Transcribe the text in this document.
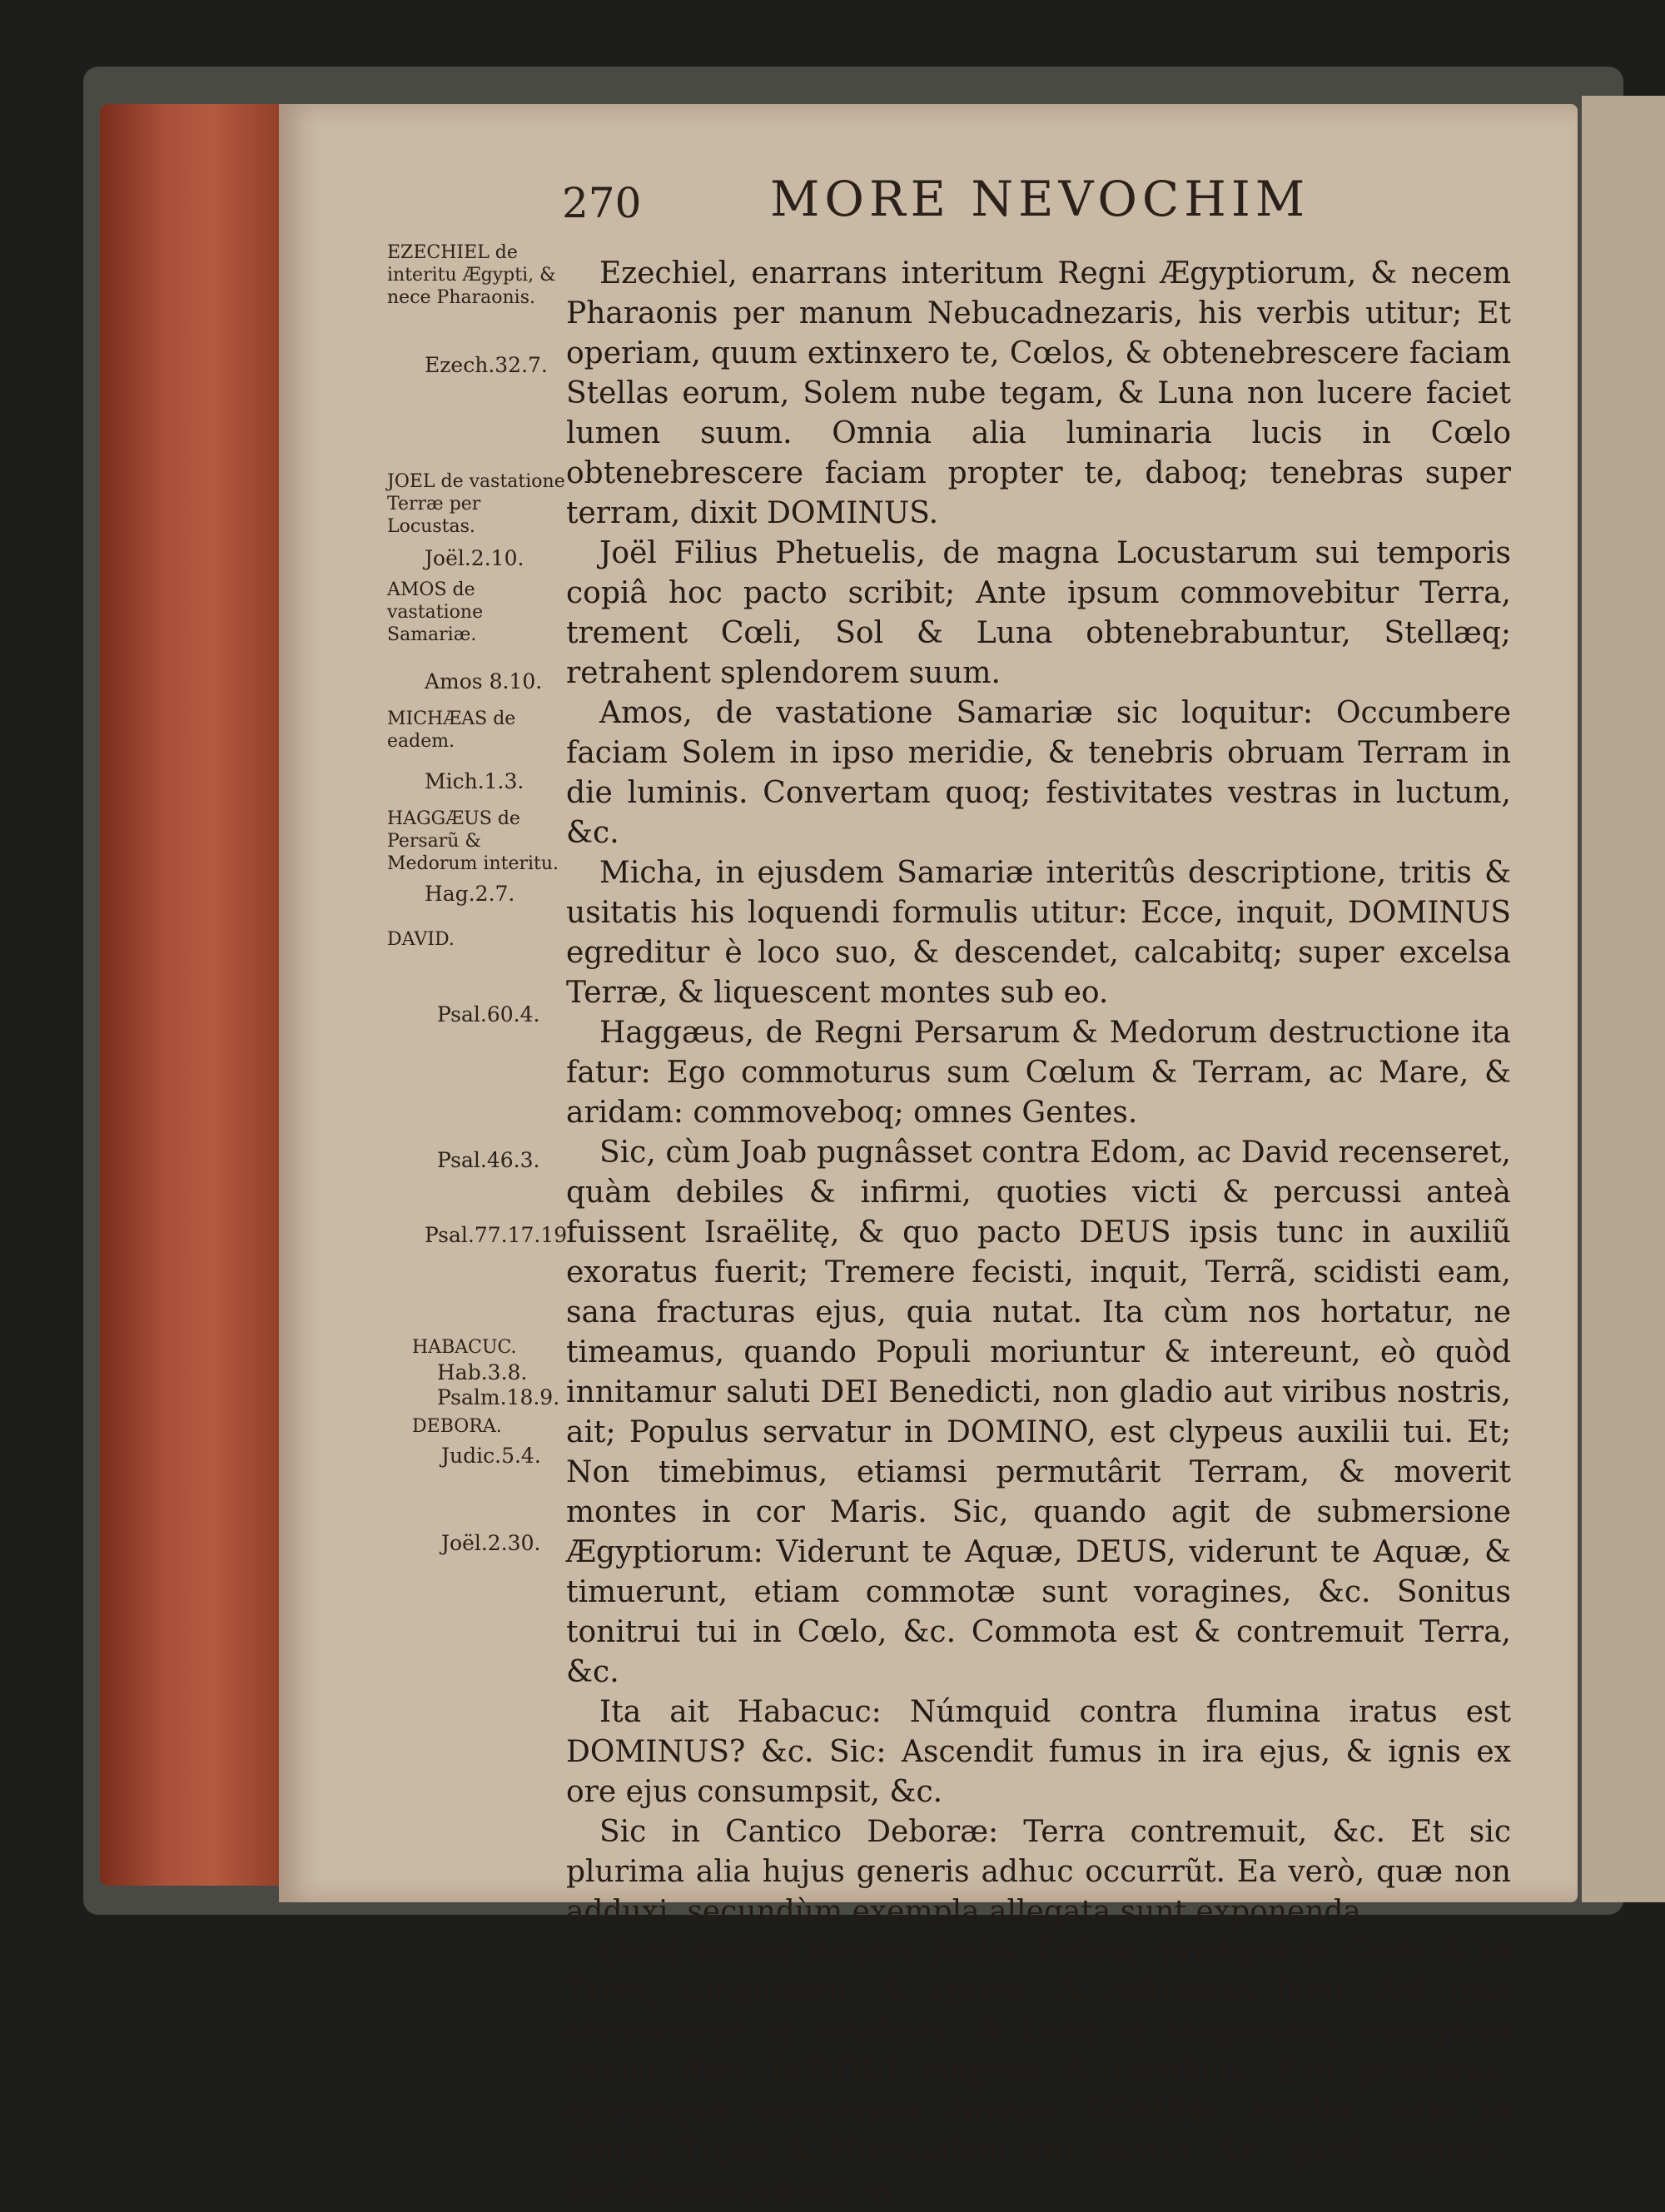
270	MORE NEVOCHIM
EZECHIEL de interitu Ægypti, & nece Pharaonis.
Ezech.32.7.
JOEL de vastatione Terræ per Locustas.
Joël.2.10.
AMOS de vastatione Samariæ.
Amos 8.10.
MICHÆAS de eadem.
Mich.1.3.
HAGGÆUS de Persarũ & Medorum interitu.
Hag.2.7.
DAVID.
Psal.60.4.
Psal.46.3.
Psal.77.17.19.
HABACUC.
Hab.3.8.
Psalm.18.9.
DEBORA.
Judic.5.4.
Joël.2.30.

Ezechiel, enarrans interitum Regni Ægyptiorum, & necem Pharaonis per manum Nebucadnezaris, his verbis utitur; Et operiam, quum extinxero te, Cœlos, & obtenebrescere faciam Stellas eorum, Solem nube tegam, & Luna non lucere faciet lumen suum. Omnia alia luminaria lucis in Cœlo obtenebrescere faciam propter te, daboq; tenebras super terram, dixit DOMINUS.

Joël Filius Phetuelis, de magna Locustarum sui temporis copiâ hoc pacto scribit; Ante ipsum commovebitur Terra, trement Cœli, Sol & Luna obtenebrabuntur, Stellæq; retrahent splendorem suum.

Amos, de vastatione Samariæ sic loquitur: Occumbere faciam Solem in ipso meridie, & tenebris obruam Terram in die luminis. Convertam quoq; festivitates vestras in luctum, &c.

Micha, in ejusdem Samariæ interitûs descriptione, tritis & usitatis his loquendi formulis utitur: Ecce, inquit, DOMINUS egreditur è loco suo, & descendet, calcabitq; super excelsa Terræ, & liquescent montes sub eo.

Haggæus, de Regni Persarum & Medorum destructione ita fatur: Ego commoturus sum Cœlum & Terram, ac Mare, & aridam: commoveboq; omnes Gentes.

Sic, cùm Joab pugnâsset contra Edom, ac David recenseret, quàm debiles & infirmi, quoties victi & percussi anteà fuissent Israëlitę, & quo pacto DEUS ipsis tunc in auxiliũ exoratus fuerit; Tremere fecisti, inquit, Terrã, scidisti eam, sana fracturas ejus, quia nutat. Ita cùm nos hortatur, ne timeamus, quando Populi moriuntur & intereunt, eò quòd innitamur saluti DEI Benedicti, non gladio aut viribus nostris, ait; Populus servatur in DOMINO, est clypeus auxilii tui. Et; Non timebimus, etiamsi permutârit Terram, & moverit montes in cor Maris. Sic, quando agit de submersione Ægyptiorum: Viderunt te Aquæ, DEUS, viderunt te Aquæ, & timuerunt, etiam commotæ sunt voragines, &c. Sonitus tonitrui tui in Cœlo, &c. Commota est & contremuit Terra, &c.

Ita ait Habacuc: Númquid contra flumina iratus est DOMINUS? &c. Sic: Ascendit fumus in ira ejus, & ignis ex ore ejus consumpsit, &c.

Sic in Cantico Deboræ: Terra contremuit, &c. Et sic plurima alia hujus generis adhuc occurrũt. Ea verò, quæ non adduxi, secundùm exempla allegata sunt exponenda.

Quod attinet dictum Joëlis: Daboq; prodigia in Cœlo & in Terra, sanguinem, & ignem, & columnas fumi. Sol ipse convertetur in tenebras, & Luna in sanguinem, antequàm veniat dies DOMINI magnus & terribilis. Erit prætereà, quicunque invocaverit Nomen DOMINI, evadet; nam in monte Tzijon & Hierusalem erit evasio, &c. quod, inquam, hoc dictum attinet, id
